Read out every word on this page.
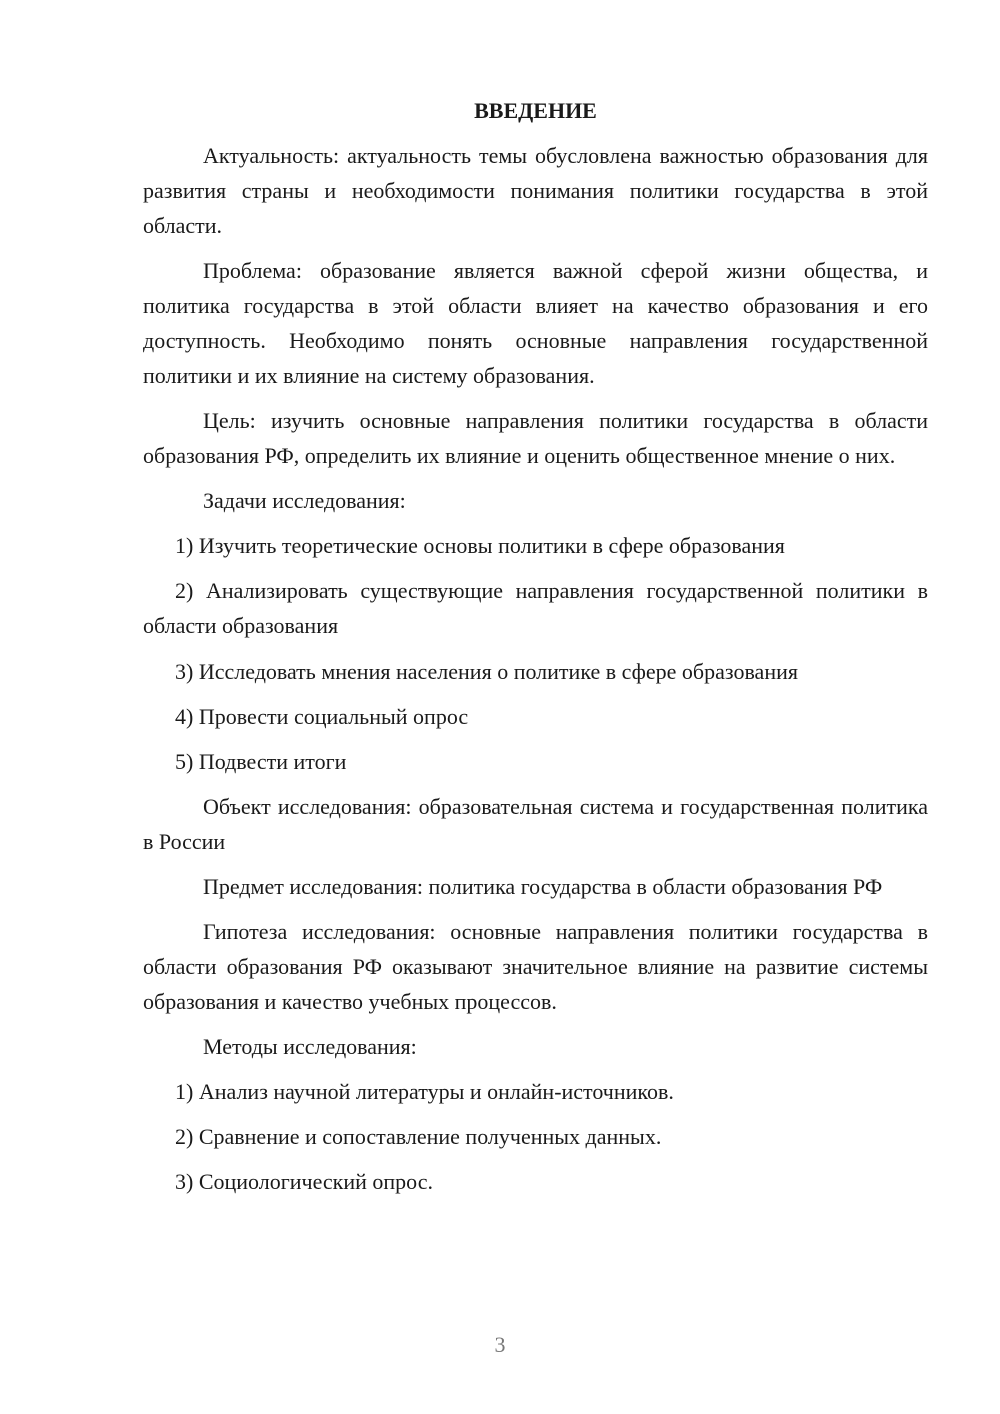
ВВЕДЕНИЕ

Актуальность: актуальность темы обусловлена важностью образования для развития страны и необходимости понимания политики государства в этой области.

Проблема: образование является важной сферой жизни общества, и политика государства в этой области влияет на качество образования и его доступность. Необходимо понять основные направления государственной политики и их влияние на систему образования.

Цель: изучить основные направления политики государства в области образования РФ, определить их влияние и оценить общественное мнение о них.

Задачи исследования:

1) Изучить теоретические основы политики в сфере образования

2) Анализировать существующие направления государственной политики в области образования

3) Исследовать мнения населения о политике в сфере образования

4) Провести социальный опрос

5) Подвести итоги

Объект исследования: образовательная система и государственная политика в России

Предмет исследования: политика государства в области образования РФ

Гипотеза исследования: основные направления политики государства в области образования РФ оказывают значительное влияние на развитие системы образования и качество учебных процессов.

Методы исследования:

1) Анализ научной литературы и онлайн-источников.

2) Сравнение и сопоставление полученных данных.

3) Социологический опрос.

3
